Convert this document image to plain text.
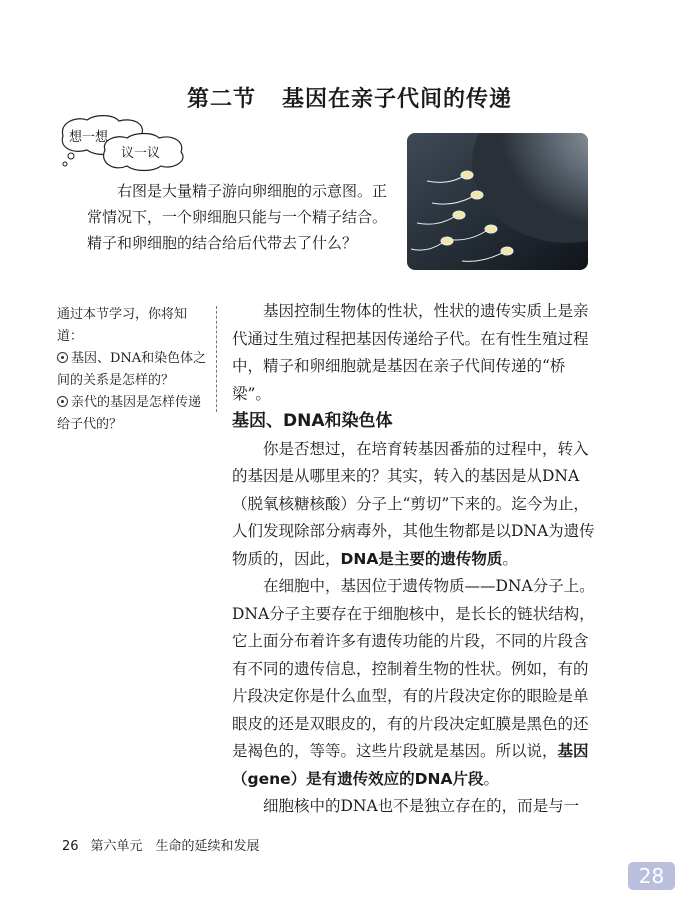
第二节 基因在亲子代间的传递
想一想
议一议

右图是大量精子游向卵细胞的示意图。正常情况下，一个卵细胞只能与一个精子结合。精子和卵细胞的结合给后代带去了什么？

通过本节学习，你将知道：
基因、DNA和染色体之间的关系是怎样的？
亲代的基因是怎样传递给子代的？

基因控制生物体的性状，性状的遗传实质上是亲代通过生殖过程把基因传递给子代。在有性生殖过程中，精子和卵细胞就是基因在亲子代间传递的“桥梁”。

基因、DNA和染色体

你是否想过，在培育转基因番茄的过程中，转入的基因是从哪里来的？其实，转入的基因是从DNA（脱氧核糖核酸）分子上“剪切”下来的。迄今为止，人们发现除部分病毒外，其他生物都是以DNA为遗传物质的，因此，DNA是主要的遗传物质。

在细胞中，基因位于遗传物质——DNA分子上。DNA分子主要存在于细胞核中，是长长的链状结构，它上面分布着许多有遗传功能的片段，不同的片段含有不同的遗传信息，控制着生物的性状。例如，有的片段决定你是什么血型，有的片段决定你的眼睑是单眼皮的还是双眼皮的，有的片段决定虹膜是黑色的还是褐色的，等等。这些片段就是基因。所以说，基因（gene）是有遗传效应的DNA片段。

细胞核中的DNA也不是独立存在的，而是与一

26 第六单元　生命的延续和发展
28
